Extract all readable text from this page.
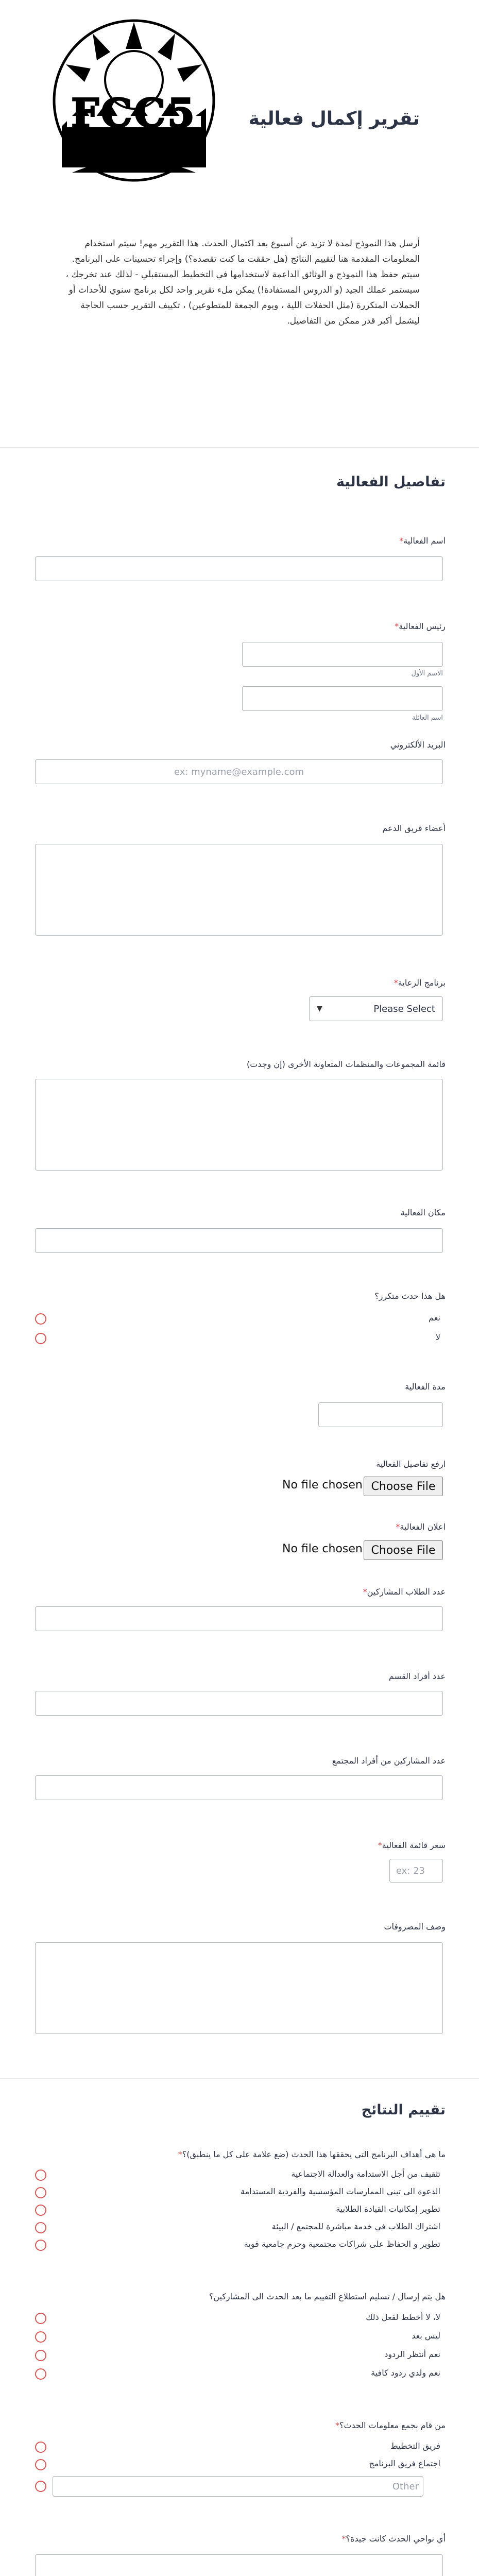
FCC5	تقرير إكمال فعالية
أرسل هذا النموذج لمدة لا تزيد عن أسبوع بعد اكتمال الحدث. هذا التقرير مهم! سيتم استخدام المعلومات المقدمة هنا لتقييم النتائج (هل حققت ما كنت تقصده؟) وإجراء تحسينات على البرنامج. سيتم حفظ هذا النموذج و الوثائق الداعمة لاستخدامها في التخطيط المستقبلي - لذلك عند تخرجك ، سيستمر عملك الجيد (و الدروس المستفادة!) يمكن ملء تقرير واحد لكل برنامج سنوي للأحداث أو الحملات المتكررة (مثل الحفلات اللية ، ويوم الجمعة للمتطوعين) ، تكييف التقرير حسب الحاجة ليشمل أكبر قدر ممكن من التفاصيل.
تفاصيل الفعالية
اسم الفعالية*
رئيس الفعالية*
الاسم الأول
اسم العائلة
البريد الألكتروني
ex: myname@example.com
أعضاء فريق الدعم
برنامج الرعاية*
▼	Please Select
قائمة المجموعات والمنظمات المتعاونة الأخرى (إن وجدت)
مكان الفعالية
هل هذا حدث متكرر؟
نعم
لا
مدة الفعالية
ارفع تفاصيل الفعالية
Choose File
No file chosen
اعلان الفعالية*
Choose File
No file chosen
عدد الطلاب المشاركين*
عدد أفراد القسم
عدد المشاركين من أفراد المجتمع
سعر قائمة الفعالية*
ex: 23
وصف المصروفات
تقييم النتائج
ما هي أهداف البرنامج التي يحققها هذا الحدث (ضع علامة على كل ما ينطبق)؟*
تثقيف من أجل الاستدامة والعدالة الاجتماعية
الدعوة الى تبني الممارسات المؤسسية والفردية المستدامة
تطوير إمكانيات القيادة الطلابية
اشتراك الطلاب في خدمة مباشرة للمجتمع / البيئة
تطوير و الحفاظ على شراكات مجتمعية وحرم جامعية قوية
هل يتم إرسال / تسليم استطلاع التقييم ما بعد الحدث الى المشاركين؟
لا، لا أخطط لفعل ذلك
ليس بعد
نعم أنتظر الردود
نعم ولدي ردود كافية
من قام بجمع معلومات الحدث؟*
فريق التخطيط
اجتماع فريق البرنامج
Other
أي نواحي الحدث كانت جيدة؟*
